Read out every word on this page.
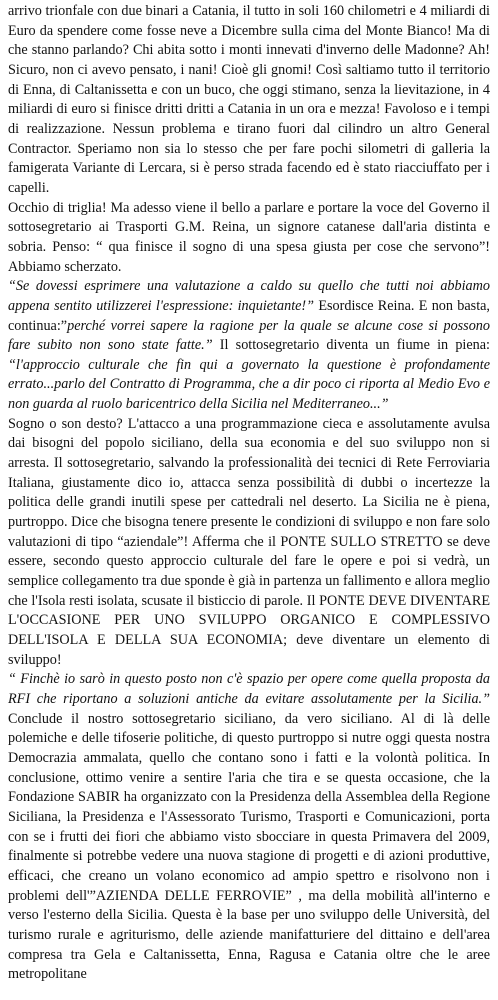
arrivo trionfale con due binari a Catania, il tutto in soli 160 chilometri e 4 miliardi di Euro da spendere come fosse neve a Dicembre sulla cima del Monte Bianco! Ma di che stanno parlando? Chi abita sotto i monti innevati d'inverno delle Madonne? Ah! Sicuro, non ci avevo pensato, i nani! Cioè gli gnomi! Così saltiamo tutto il territorio di Enna, di Caltanissetta e con un buco, che oggi stimano, senza la lievitazione, in 4 miliardi di euro si finisce dritti dritti a Catania in un ora e mezza! Favoloso e i tempi di realizzazione. Nessun problema e tirano fuori dal cilindro un altro General Contractor. Speriamo non sia lo stesso che per fare pochi silometri di galleria la famigerata Variante di Lercara, si è perso strada facendo ed è stato riacciuffato per i capelli.

Occhio di triglia! Ma adesso viene il bello a parlare e portare la voce del Governo il sottosegretario ai Trasporti G.M. Reina, un signore catanese dall'aria distinta e sobria. Penso: “ qua finisce il sogno di una spesa giusta per cose che servono”! Abbiamo scherzato.

“Se dovessi esprimere una valutazione a caldo su quello che tutti noi abbiamo appena sentito utilizzerei l'espressione: inquietante!” Esordisce Reina. E non basta, continua:”perché vorrei sapere la ragione per la quale se alcune cose si possono fare subito non sono state fatte.” Il sottosegretario diventa un fiume in piena: “l'approccio culturale che fin qui a governato la questione è profondamente errato...parlo del Contratto di Programma, che a dir poco ci riporta al Medio Evo e non guarda al ruolo baricentrico della Sicilia nel Mediterraneo...”

Sogno o son desto? L'attacco a una programmazione cieca e assolutamente avulsa dai bisogni del popolo siciliano, della sua economia e del suo sviluppo non si arresta. Il sottosegretario, salvando la professionalità dei tecnici di Rete Ferroviaria Italiana, giustamente dico io, attacca senza possibilità di dubbi o incertezze la politica delle grandi inutili spese per cattedrali nel deserto. La Sicilia ne è piena, purtroppo. Dice che bisogna tenere presente le condizioni di sviluppo e non fare solo valutazioni di tipo “aziendale”! Afferma che il PONTE SULLO STRETTO se deve essere, secondo questo approccio culturale del fare le opere e poi si vedrà, un semplice collegamento tra due sponde è già in partenza un fallimento e allora meglio che l'Isola resti isolata, scusate il bisticcio di parole. Il PONTE DEVE DIVENTARE L'OCCASIONE PER UNO SVILUPPO ORGANICO E COMPLESSIVO DELL'ISOLA E DELLA SUA ECONOMIA; deve diventare un elemento di sviluppo!

“ Finchè io sarò in questo posto non c'è spazio per opere come quella proposta da RFI che riportano a soluzioni antiche da evitare assolutamente per la Sicilia.” Conclude il nostro sottosegretario siciliano, da vero siciliano. Al di là delle polemiche e delle tifoserie politiche, di questo purtroppo si nutre oggi questa nostra Democrazia ammalata, quello che contano sono i fatti e la volontà politica. In conclusione, ottimo venire a sentire l'aria che tira e se questa occasione, che la Fondazione SABIR ha organizzato con la Presidenza della Assemblea della Regione Siciliana, la Presidenza e l'Assessorato Turismo, Trasporti e Comunicazioni, porta con se i frutti dei fiori che abbiamo visto sbocciare in questa Primavera del 2009, finalmente si potrebbe vedere una nuova stagione di progetti e di azioni produttive, efficaci, che creano un volano economico ad ampio spettro e risolvono non i problemi dell'”AZIENDA DELLE FERROVIE” , ma della mobilità all'interno e verso l'esterno della Sicilia. Questa è la base per uno sviluppo delle Università, del turismo rurale e agriturismo, delle aziende manifatturiere del dittaino e dell'area compresa tra Gela e Caltanissetta, Enna, Ragusa e Catania oltre che le aree metropolitane
